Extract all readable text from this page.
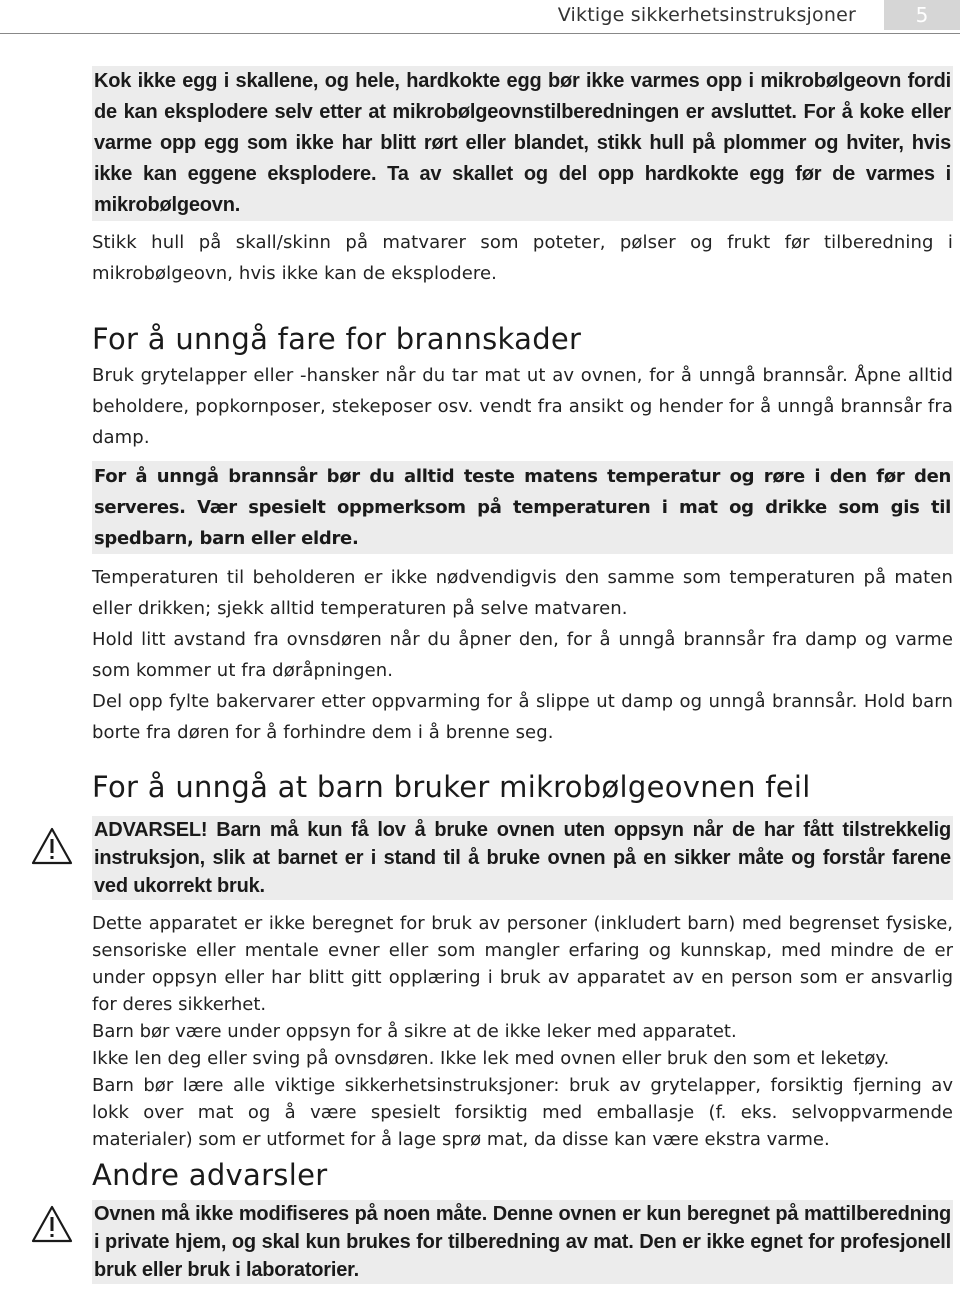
Viktige sikkerhetsinstruksjoner	5

Kok ikke egg i skallene, og hele, hardkokte egg bør ikke varmes opp i mikrobølgeovn fordi de kan eksplodere selv etter at mikrobølgeovnstilberedningen er avsluttet. For å koke eller varme opp egg som ikke har blitt rørt eller blandet, stikk hull på plommer og hviter, hvis ikke kan eggene eksplodere. Ta av skallet og del opp hardkokte egg før de varmes i mikrobølgeovn.

Stikk hull på skall/skinn på matvarer som poteter, pølser og frukt før tilberedning i mikrobølgeovn, hvis ikke kan de eksplodere.

For å unngå fare for brannskader

Bruk grytelapper eller -hansker når du tar mat ut av ovnen, for å unngå brannsår. Åpne alltid beholdere, popkornposer, stekeposer osv. vendt fra ansikt og hender for å unngå brannsår fra damp.

For å unngå brannsår bør du alltid teste matens temperatur og røre i den før den serveres. Vær spesielt oppmerksom på temperaturen i mat og drikke som gis til spedbarn, barn eller eldre.

Temperaturen til beholderen er ikke nødvendigvis den samme som temperaturen på maten eller drikken; sjekk alltid temperaturen på selve matvaren.

Hold litt avstand fra ovnsdøren når du åpner den, for å unngå brannsår fra damp og varme som kommer ut fra døråpningen.

Del opp fylte bakervarer etter oppvarming for å slippe ut damp og unngå brannsår. Hold barn borte fra døren for å forhindre dem i å brenne seg.

For å unngå at barn bruker mikrobølgeovnen feil

ADVARSEL! Barn må kun få lov å bruke ovnen uten oppsyn når de har fått tilstrekkelig instruksjon, slik at barnet er i stand til å bruke ovnen på en sikker måte og forstår farene ved ukorrekt bruk.

Dette apparatet er ikke beregnet for bruk av personer (inkludert barn) med begrenset fysiske, sensoriske eller mentale evner eller som mangler erfaring og kunnskap, med mindre de er under oppsyn eller har blitt gitt opplæring i bruk av apparatet av en person som er ansvarlig for deres sikkerhet.

Barn bør være under oppsyn for å sikre at de ikke leker med apparatet.

Ikke len deg eller sving på ovnsdøren. Ikke lek med ovnen eller bruk den som et leketøy.

Barn bør lære alle viktige sikkerhetsinstruksjoner: bruk av grytelapper, forsiktig fjerning av lokk over mat og å være spesielt forsiktig med emballasje (f. eks. selvoppvarmende materialer) som er utformet for å lage sprø mat, da disse kan være ekstra varme.

Andre advarsler

Ovnen må ikke modifiseres på noen måte. Denne ovnen er kun beregnet på mattilberedning i private hjem, og skal kun brukes for tilberedning av mat. Den er ikke egnet for profesjonell bruk eller bruk i laboratorier.
